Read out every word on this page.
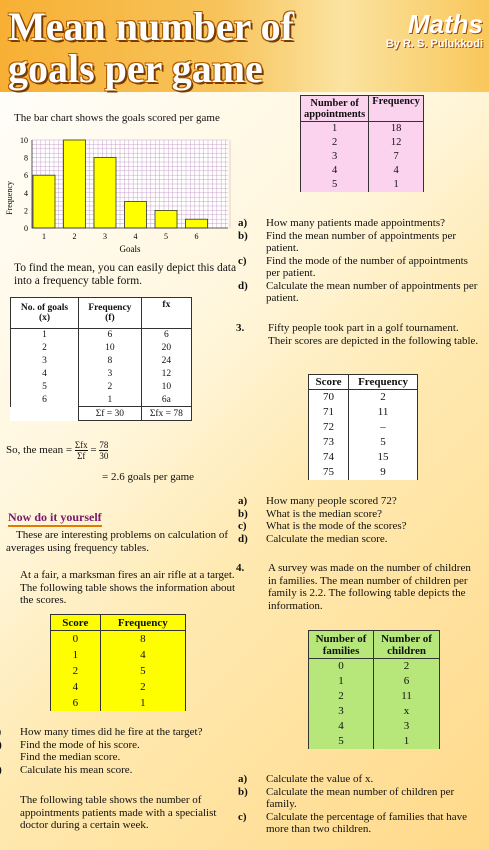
Mean number of goals per game
Maths
By R. S. Pulukkodi
The bar chart shows the goals scored per game
1	2	3	4	5	6
0
2
4
6
8
10
Frequency
Goals
To find the mean, you can easily depict this data into a frequency table form.
No. of goals
(x)	Frequency
(f)	fx
1	6	6
2	10	20
3	8	24
4	3	12
5	2	10
6	1	6a
	Σf = 30	Σfx = 78
So, the mean = $\frac{\text{Σfx}}{\Sigma f} = \frac{78}{30}$
= 2.6 goals per game
Now do it yourself
These are interesting problems on calculation of averages using frequency tables.
At a fair, a marksman fires an air rifle at a target. The following table shows the information about the scores.
Score	Frequency
0	8
1	4
2	5
4	2
6	1
How many times did he fire at the target?
Find the mode of his score.
Find the median score.
Calculate his mean score.
The following table shows the number of appointments patients made with a specialist doctor during a certain week.
Number of appointments	Frequency
1	18
2	12
3	7
4	4
5	1
a) How many patients made appointments?
b) Find the mean number of appointments per patient.
c) Find the mode of the number of appointments per patient.
d) Calculate the mean number of appointments per patient.
3. Fifty people took part in a golf tournament. Their scores are depicted in the following table.
Score	Frequency
70	2
71	11
72	–
73	5
74	15
75	9
a) How many people scored 72?
b) What is the median score?
c) What is the mode of the scores?
d) Calculate the median score.
4. A survey was made on the number of children in families. The mean number of children per family is 2.2. The following table depicts the information.
Number of families	Number of children
0	2
1	6
2	11
3	x
4	3
5	1
a) Calculate the value of x.
b) Calculate the mean number of children per family.
c) Calculate the percentage of families that have more than two children.
